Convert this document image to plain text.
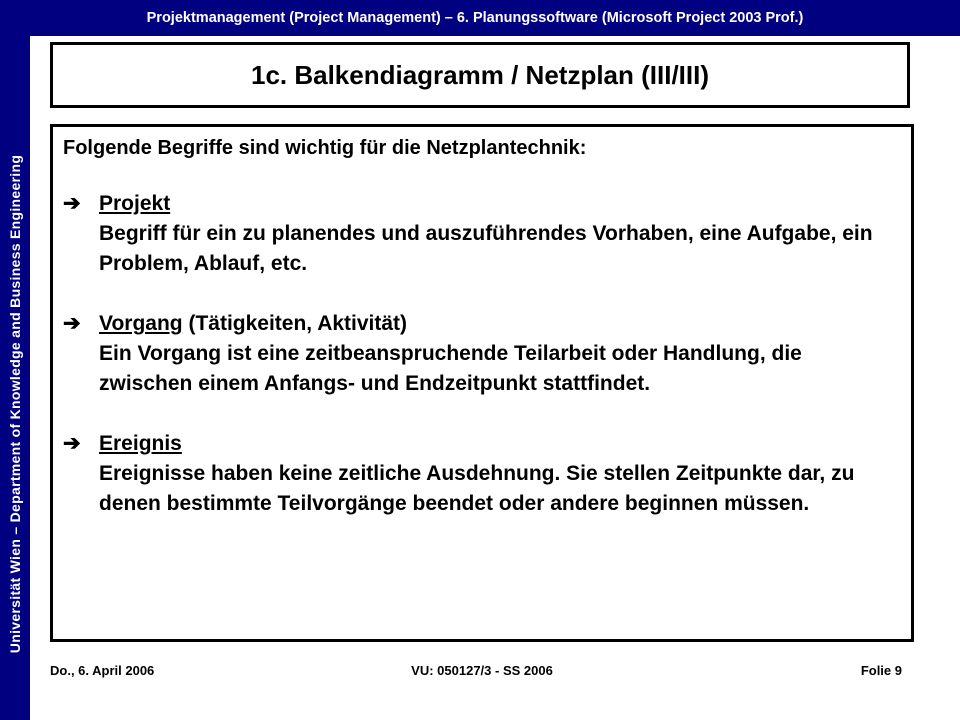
Projektmanagement (Project Management) – 6. Planungssoftware (Microsoft Project 2003 Prof.)
Universität Wien – Department of Knowledge and Business Engineering
1c. Balkendiagramm / Netzplan (III/III)
Folgende Begriffe sind wichtig für die Netzplantechnik:
➔ Projekt
Begriff für ein zu planendes und auszuführendes Vorhaben, eine Aufgabe, ein Problem, Ablauf, etc.
➔ Vorgang (Tätigkeiten, Aktivität)
Ein Vorgang ist eine zeitbeanspruchende Teilarbeit oder Handlung, die zwischen einem Anfangs- und Endzeitpunkt stattfindet.
➔ Ereignis
Ereignisse haben keine zeitliche Ausdehnung. Sie stellen Zeitpunkte dar, zu denen bestimmte Teilvorgänge beendet oder andere beginnen müssen.
Do., 6. April 2006	VU: 050127/3 - SS 2006	Folie 9
